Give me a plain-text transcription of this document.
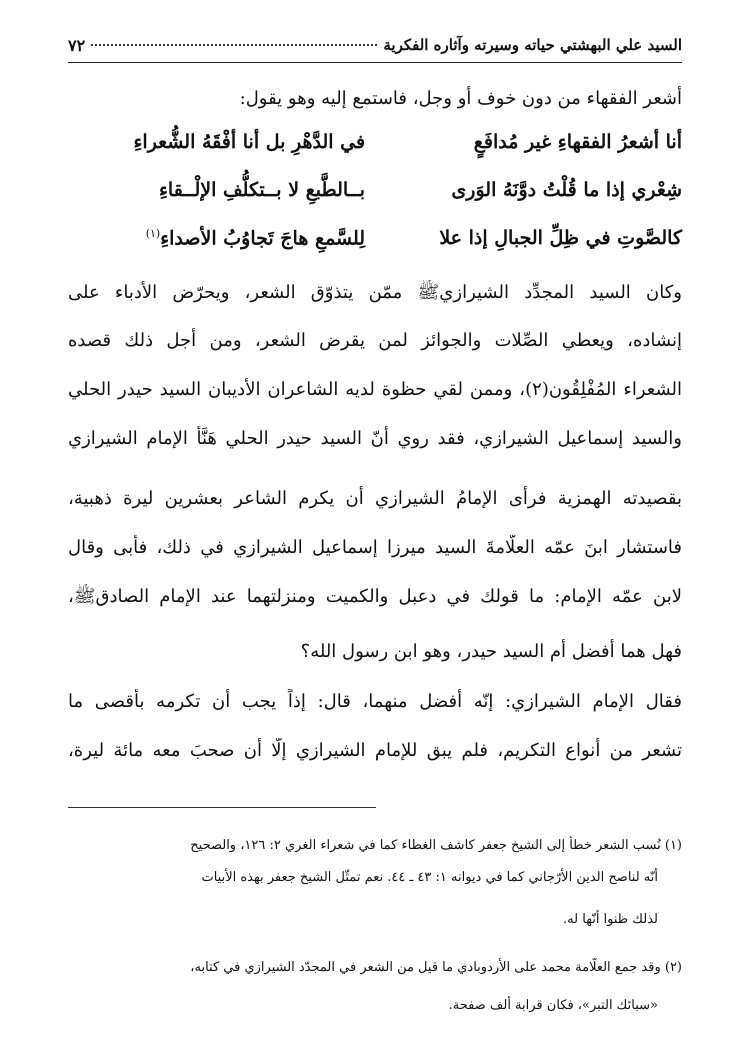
السيد علي البهشتي حياته وسيرته وآثاره الفكرية
٧٢

أشعر الفقهاء من دون خوف أو وجل، فاستمع إليه وهو يقول:

أنا أشعرُ الفقهاءِ غير مُدافَعٍ
في الدَّهْرِ بل أنا أفْقَهُ الشُّعراءِ
شِعْري إذا ما قُلْتُ دوَّنَهُ الوَرى
بــالطَّبعِ لا بــتكلُّفِ الإلْــقاءِ
كالصَّوتِ في ظِلِّ الجبالِ إذا علا
لِلسَّمعِ هاجَ تَجاوُبُ الأصداءِ$^{(١)}$

وكان السيد المجدِّد الشيرازيﷺ ممّن يتذوّق الشعر، ويحرّض الأدباء على

إنشاده، ويعطي الصِّلات والجوائز لمن يقرض الشعر، ومن أجل ذلك قصده

الشعراء المُفْلِقُون(٢)، وممن لقي حظوة لديه الشاعران الأديبان السيد حيدر الحلي

والسيد إسماعيل الشيرازي، فقد روي أنّ السيد حيدر الحلي هَنَّأَ الإمام الشيرازي

بقصيدته الهمزية فرأى الإمامُ الشيرازي أن يكرم الشاعر بعشرين ليرة ذهبية،

فاستشار ابنَ عمّه العلّامةَ السيد ميرزا إسماعيل الشيرازي في ذلك، فأبى وقال

لابن عمّه الإمام: ما قولك في دعبل والكميت ومنزلتهما عند الإمام الصادقﷺ،

فهل هما أفضل أم السيد حيدر، وهو ابن رسول الله؟

فقال الإمام الشيرازي: إنّه أفضل منهما، قال: إذاً يجب أن تكرمه بأقصى ما

تشعر من أنواع التكريم، فلم يبق للإمام الشيرازي إلّا أن صحبَ معه مائة ليرة،

(١) نُسب الشعر خطأً إلى الشيخ جعفر كاشف الغطاء كما في شعراء الغري ٢: ١٢٦، والصحيح

أنّه لناصح الدين الأرّجاني كما في ديوانه ١: ٤٣ ـ ٤٤. نعم تمثّل الشيخ جعفر بهذه الأبيات

لذلك ظنوا أنّها له.

(٢) وقد جمع العلّامة محمد على الأُردوبادي ما قيل من الشعر في المجدّد الشيرازي في كتابه،

«سبائك التبر»، فكان قرابة ألف صفحة.
